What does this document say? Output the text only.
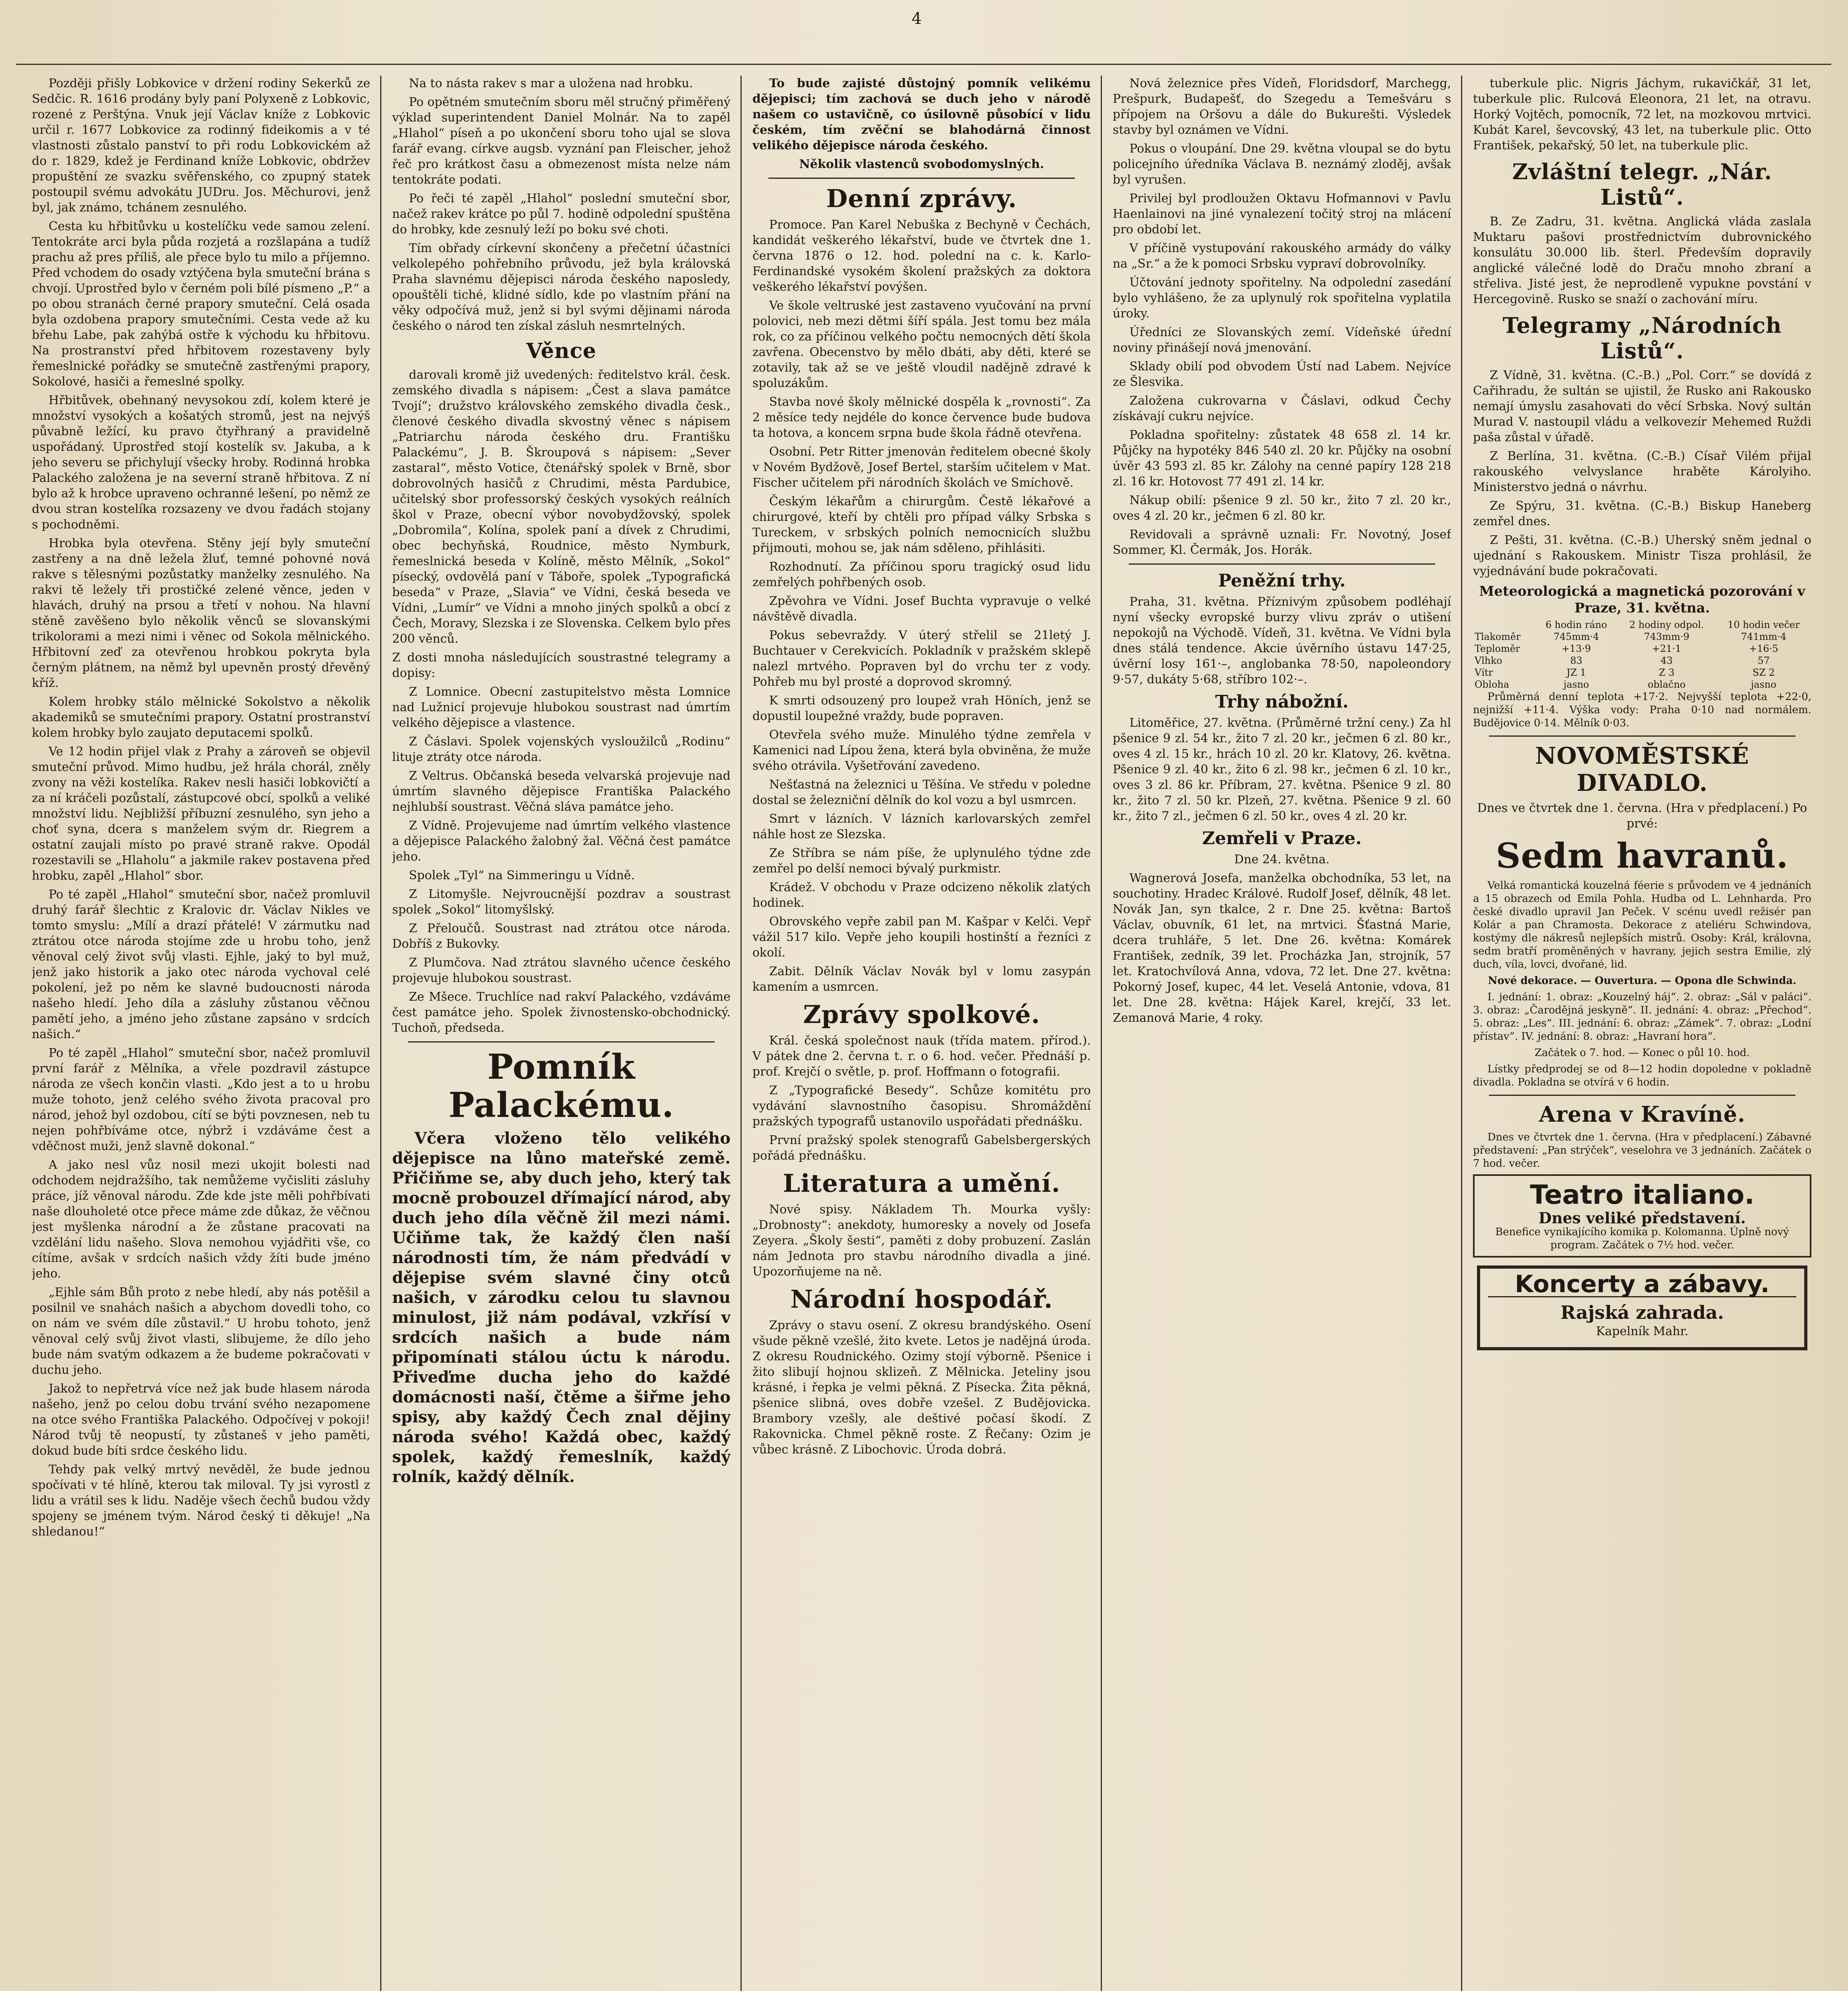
4

Později přišly Lobkovice v držení rodiny Sekerků ze Sedčic. R. 1616 prodány byly paní Polyxeně z Lobkovic, rozené z Perštýna. Vnuk její Václav kníže z Lobkovic určil r. 1677 Lobkovice za rodinný fideikomis a v té vlastnosti zůstalo panství to při rodu Lobkovickém až do r. 1829, kdež je Ferdinand kníže Lobkovic, obdržev propuštění ze svazku svěřenského, co zpupný statek postoupil svému advokátu JUDru. Jos. Měchurovi, jenž byl, jak známo, tchánem zesnulého.

Cesta ku hřbitůvku u kostelíčku vede samou zelení. Tentokráte arci byla půda rozjetá a rozšlapána a tudíž prachu až pres příliš, ale přece bylo tu milo a příjemno. Před vchodem do osady vztýčena byla smuteční brána s chvojí. Uprostřed bylo v černém poli bílé písmeno „P.“ a po obou stranách černé prapory smuteční. Celá osada byla ozdobena prapory smutečními. Cesta vede až ku břehu Labe, pak zahýbá ostře k východu ku hřbitovu. Na prostranství před hřbitovem rozestaveny byly řemeslnické pořádky se smutečně zastřenými prapory, Sokolové, hasiči a řemeslné spolky.

Hřbitůvek, obehnaný nevysokou zdí, kolem které je množství vysokých a košatých stromů, jest na nejvýš půvabně ležící, ku pravo čtyřhraný a pravidelně uspořádaný. Uprostřed stojí kostelík sv. Jakuba, a k jeho severu se přichylují všecky hroby. Rodinná hrobka Palackého založena je na severní straně hřbitova. Z ní bylo až k hrobce upraveno ochranné lešení, po němž ze dvou stran kostelíka rozsazeny ve dvou řadách stojany s pochodněmi.

Hrobka byla otevřena. Stěny její byly smuteční zastřeny a na dně ležela žluť, temné pohovné nová rakve s tělesnými pozůstatky manželky zesnulého. Na rakvi tě ležely tři prostičké zelené věnce, jeden v hlavách, druhý na prsou a třetí v nohou. Na hlavní stěně zavěšeno bylo několik věnců se slovanskými trikolorami a mezi nimi i věnec od Sokola mělnického. Hřbitovní zeď za otevřenou hrobkou pokryta byla černým plátnem, na němž byl upevněn prostý dřevěný kříž.

Kolem hrobky stálo mělnické Sokolstvo a několik akademiků se smutečními prapory. Ostatní prostranství kolem hrobky bylo zaujato deputacemi spolků.

Ve 12 hodin přijel vlak z Prahy a zároveň se objevil smuteční průvod. Mimo hudbu, jež hrála chorál, zněly zvony na věži kostelíka. Rakev nesli hasiči lobkovičtí a za ní kráčeli pozůstalí, zástupcové obcí, spolků a veliké množství lidu. Nejbližší příbuzní zesnulého, syn jeho a choť syna, dcera s manželem svým dr. Riegrem a ostatní zaujali místo po pravé straně rakve. Opodál rozestavili se „Hlaholu“ a jakmile rakev postavena před hrobku, zapěl „Hlahol“ sbor.

Po té zapěl „Hlahol“ smuteční sbor, načež promluvil druhý farář šlechtic z Kralovic dr. Václav Nikles ve tomto smyslu: „Mílí a drazí přátelé! V zármutku nad ztrátou otce národa stojíme zde u hrobu toho, jenž věnoval celý život svůj vlasti. Ejhle, jaký to byl muž, jenž jako historik a jako otec národa vychoval celé pokolení, jež po něm ke slavné budoucnosti národa našeho hledí. Jeho díla a zásluhy zůstanou věčnou pamětí jeho, a jméno jeho zůstane zapsáno v srdcích našich.“

Po té zapěl „Hlahol“ smuteční sbor, načež promluvil první farář z Mělníka, a vřele pozdravil zástupce národa ze všech končin vlasti. „Kdo jest a to u hrobu muže tohoto, jenž celého svého života pracoval pro národ, jehož byl ozdobou, cítí se býti povznesen, neb tu nejen pohřbíváme otce, nýbrž i vzdáváme čest a vděčnost muži, jenž slavně dokonal.“

A jako nesl vůz nosil mezi ukojit bolesti nad odchodem nejdražšího, tak nemůžeme vyčisliti zásluhy práce, jíž věnoval národu. Zde kde jste měli pohřbívati naše dlouholeté otce přece máme zde důkaz, že věčnou jest myšlenka národní a že zůstane pracovati na vzdělání lidu našeho. Slova nemohou vyjádřiti vše, co cítíme, avšak v srdcích našich vždy žíti bude jméno jeho.

„Ejhle sám Bůh proto z nebe hledí, aby nás potěšil a posilnil ve snahách našich a abychom dovedli toho, co on nám ve svém díle zůstavil.“ U hrobu tohoto, jenž věnoval celý svůj život vlasti, slibujeme, že dílo jeho bude nám svatým odkazem a že budeme pokračovati v duchu jeho.

Jakož to nepřetrvá více než jak bude hlasem národa našeho, jenž po celou dobu trvání svého nezapomene na otce svého Františka Palackého. Odpočívej v pokoji! Národ tvůj tě neopustí, ty zůstaneš v jeho paměti, dokud bude bíti srdce českého lidu.

Tehdy pak velký mrtvý nevěděl, že bude jednou spočívati v té hlíně, kterou tak miloval. Ty jsi vyrostl z lidu a vrátil ses k lidu. Naděje všech čechů budou vždy spojeny se jménem tvým. Národ český ti děkuje! „Na shledanou!“

Na to násta rakev s mar a uložena nad hrobku.

Po opětném smutečním sboru měl stručný přiměřený výklad superintendent Daniel Molnár. Na to zapěl „Hlahol“ píseň a po ukončení sboru toho ujal se slova farář evang. církve augsb. vyznání pan Fleischer, jehož řeč pro krátkost času a obmezenost místa nelze nám tentokráte podati.

Po řeči té zapěl „Hlahol“ poslední smuteční sbor, načež rakev krátce po půl 7. hodině odpolední spuštěna do hrobky, kde zesnulý leží po boku své choti.

Tím obřady církevní skončeny a přečetní účastníci velkolepého pohřebního průvodu, jež byla královská Praha slavnému dějepisci národa českého naposledy, opouštěli tiché, klidné sídlo, kde po vlastním přání na věky odpočívá muž, jenž si byl svými dějinami národa českého o národ ten získal zásluh nesmrtelných.

Věnce

darovali kromě již uvedených: ředitelstvo král. česk. zemského divadla s nápisem: „Čest a slava památce Tvojí“; družstvo královského zemského divadla česk., členové českého divadla skvostný věnec s nápisem „Patriarchu národa českého dru. Františku Palackému“, J. B. Škroupová s nápisem: „Sever zastaral“, město Votice, čtenářský spolek v Brně, sbor dobrovolných hasičů z Chrudimi, města Pardubice, učitelský sbor professorský českých vysokých reálních škol v Praze, obecní výbor novobydžovský, spolek „Dobromila“, Kolína, spolek paní a dívek z Chrudimi, obec bechyňská, Roudnice, město Nymburk, řemeslnická beseda v Kolíně, město Mělník, „Sokol“ písecký, ovdovělá paní v Táboře, spolek „Typografická beseda“ v Praze, „Slavia“ ve Vídni, česká beseda ve Vídni, „Lumír“ ve Vídni a mnoho jiných spolků a obcí z Čech, Moravy, Slezska i ze Slovenska. Celkem bylo přes 200 věnců.

Z dosti mnoha následujících soustrastné telegramy a dopisy:

Z Lomnice. Obecní zastupitelstvo města Lomnice nad Lužnicí projevuje hlubokou soustrast nad úmrtím velkého dějepisce a vlastence.

Z Čáslavi. Spolek vojenských vysloužilců „Rodinu“ lituje ztráty otce národa.

Z Veltrus. Občanská beseda velvarská projevuje nad úmrtím slavného dějepisce Františka Palackého nejhlubší soustrast. Věčná sláva památce jeho.

Z Vídně. Projevujeme nad úmrtím velkého vlastence a dějepisce Palackého žalobný žal. Věčná čest památce jeho.

Spolek „Tyl“ na Simmeringu u Vídně.

Z Litomyšle. Nejvroucnější pozdrav a soustrast spolek „Sokol“ litomyšlský.

Z Přeloučů. Soustrast nad ztrátou otce národa. Dobříš z Bukovky.

Z Plumčova. Nad ztrátou slavného učence českého projevuje hlubokou soustrast.

Ze Mšece. Truchlíce nad rakví Palackého, vzdáváme čest památce jeho. Spolek živnostensko-obchodnický. Tuchoň, předseda.

Pomník Palackému.

Včera vloženo tělo velikého dějepisce na lůno mateřské země. Přičiňme se, aby duch jeho, který tak mocně probouzel dřímající národ, aby duch jeho díla věčně žil mezi námi. Učiňme tak, že každý člen naší národnosti tím, že nám předvádí v dějepise svém slavné činy otců našich, v zárodku celou tu slavnou minulost, již nám podával, vzkřísí v srdcích našich a bude nám připomínati stálou úctu k národu. Přiveďme ducha jeho do každé domácnosti naší, čtěme a šiřme jeho spisy, aby každý Čech znal dějiny národa svého! Každá obec, každý spolek, každý řemeslník, každý rolník, každý dělník.

To bude zajisté důstojný pomník velikému dějepisci; tím zachová se duch jeho v národě našem co ustavičně, co úsilovně působící v lidu českém, tím zvěční se blahodárná činnost velikého dějepisce národa českého.

Několik vlastenců svobodomyslných.

Denní zprávy.

Promoce. Pan Karel Nebuška z Bechyně v Čechách, kandidát veškerého lékařství, bude ve čtvrtek dne 1. června 1876 o 12. hod. polední na c. k. Karlo-Ferdinandské vysokém školení pražských za doktora veškerého lékařství povýšen.

Ve škole veltruské jest zastaveno vyučování na první polovici, neb mezi dětmi šíří spála. Jest tomu bez mála rok, co za příčinou velkého počtu nemocných dětí škola zavřena. Obecenstvo by mělo dbáti, aby děti, které se zotavily, tak až se ve ještě vloudil nadějně zdravé k spoluzákům.

Stavba nové školy mělnické dospěla k „rovnosti“. Za 2 měsíce tedy nejdéle do konce července bude budova ta hotova, a koncem srpna bude škola řádně otevřena.

Osobní. Petr Ritter jmenován ředitelem obecné školy v Novém Bydžově, Josef Bertel, starším učitelem v Mat. Fischer učitelem při národních školách ve Smíchově.

Českým lékařům a chirurgům. Čestě lékařové a chirurgové, kteří by chtěli pro případ války Srbska s Tureckem, v srbských polních nemocnicích službu přijmouti, mohou se, jak nám sděleno, přihlásiti.

Rozhodnutí. Za příčinou sporu tragický osud lidu zemřelých pohřbených osob.

Zpěvohra ve Vídni. Josef Buchta vypravuje o velké návštěvě divadla.

Pokus sebevraždy. V úterý střelil se 21letý J. Buchtauer v Cerekvicích. Pokladník v pražském sklepě nalezl mrtvého. Popraven byl do vrchu ter z vody. Pohřeb mu byl prosté a doprovod skromný.

K smrti odsouzený pro loupež vrah Höních, jenž se dopustil loupežné vraždy, bude popraven.

Otevřela svého muže. Minulého týdne zemřela v Kamenici nad Lípou žena, která byla obviněna, že muže svého otrávila. Vyšetřování zavedeno.

Nešťastná na železnici u Těšína. Ve středu v poledne dostal se železniční dělník do kol vozu a byl usmrcen.

Smrt v lázních. V lázních karlovarských zemřel náhle host ze Slezska.

Ze Stříbra se nám píše, že uplynulého týdne zde zemřel po delší nemoci bývalý purkmistr.

Krádež. V obchodu v Praze odcizeno několik zlatých hodinek.

Obrovského vepře zabil pan M. Kašpar v Kelči. Vepř vážil 517 kilo. Vepře jeho koupili hostinští a řezníci z okolí.

Zabit. Dělník Václav Novák byl v lomu zasypán kamením a usmrcen.

Zprávy spolkové.

Král. česká společnost nauk (třída matem. přírod.). V pátek dne 2. června t. r. o 6. hod. večer. Přednáší p. prof. Krejčí o světle, p. prof. Hoffmann o fotografii.

Z „Typografické Besedy“. Schůze komitétu pro vydávání slavnostního časopisu. Shromáždění pražských typografů ustanovilo uspořádati přednášku.

První pražský spolek stenografů Gabelsbergerských pořádá přednášku.

Literatura a umění.

Nové spisy. Nákladem Th. Mourka vyšly: „Drobnosty“: anekdoty, humoresky a novely od Josefa Zeyera. „Školy šesti“, paměti z doby probuzení. Zaslán nám Jednota pro stavbu národního divadla a jiné. Upozorňujeme na ně.

Národní hospodář.

Zprávy o stavu osení. Z okresu brandýského. Osení všude pěkně vzešlé, žito kvete. Letos je nadějná úroda. Z okresu Roudnického. Ozimy stojí výborně. Pšenice i žito slibují hojnou sklizeň. Z Mělnicka. Jeteliny jsou krásné, i řepka je velmi pěkná. Z Písecka. Žita pěkná, pšenice slibná, oves dobře vzešel. Z Budějovicka. Brambory vzešly, ale deštivé počasí škodí. Z Rakovnicka. Chmel pěkně roste. Z Řečany: Ozim je vůbec krásně. Z Libochovic. Úroda dobrá.

Nová železnice přes Vídeň, Floridsdorf, Marchegg, Prešpurk, Budapešť, do Szegedu a Temešváru s přípojem na Oršovu a dále do Bukurešti. Výsledek stavby byl oznámen ve Vídni.

Pokus o vloupání. Dne 29. května vloupal se do bytu policejního úředníka Václava B. neznámý zloděj, avšak byl vyrušen.

Privilej byl prodloužen Oktavu Hofmannovi v Pavlu Haenlainovi na jiné vynalezení točitý stroj na mlácení pro období let.

V příčině vystupování rakouského armády do války na „Sr.“ a že k pomoci Srbsku vypraví dobrovolníky.

Účtování jednoty spořitelny. Na odpolední zasedání bylo vyhlášeno, že za uplynulý rok spořitelna vyplatila úroky.

Úředníci ze Slovanských zemí. Vídeňské úřední noviny přinášejí nová jmenování.

Sklady obilí pod obvodem Ústí nad Labem. Nejvíce ze Šlesvika.

Založena cukrovarna v Čáslavi, odkud Čechy získávají cukru nejvíce.

Pokladna spořitelny: zůstatek 48 658 zl. 14 kr. Půjčky na hypotéky 846 540 zl. 20 kr. Půjčky na osobní úvěr 43 593 zl. 85 kr. Zálohy na cenné papíry 128 218 zl. 16 kr. Hotovost 77 491 zl. 14 kr.

Nákup obilí: pšenice 9 zl. 50 kr., žito 7 zl. 20 kr., oves 4 zl. 20 kr., ječmen 6 zl. 80 kr.

Revidovali a správně uznali: Fr. Novotný, Josef Sommer, Kl. Čermák, Jos. Horák.

Peněžní trhy.

Praha, 31. května. Příznivým způsobem podléhají nyní všecky evropské burzy vlivu zpráv o utišení nepokojů na Východě. Vídeň, 31. května. Ve Vídni byla dnes stálá tendence. Akcie úvěrního ústavu 147·25, úvěrní losy 161·–, anglobanka 78·50, napoleondory 9·57, dukáty 5·68, stříbro 102·–.

Trhy nábožní.

Litoměřice, 27. května. (Průměrné tržní ceny.) Za hl pšenice 9 zl. 54 kr., žito 7 zl. 20 kr., ječmen 6 zl. 80 kr., oves 4 zl. 15 kr., hrách 10 zl. 20 kr. Klatovy, 26. května. Pšenice 9 zl. 40 kr., žito 6 zl. 98 kr., ječmen 6 zl. 10 kr., oves 3 zl. 86 kr. Příbram, 27. května. Pšenice 9 zl. 80 kr., žito 7 zl. 50 kr. Plzeň, 27. května. Pšenice 9 zl. 60 kr., žito 7 zl., ječmen 6 zl. 50 kr., oves 4 zl. 20 kr.

Zemřeli v Praze.

Dne 24. května.

Wagnerová Josefa, manželka obchodníka, 53 let, na souchotiny. Hradec Králové. Rudolf Josef, dělník, 48 let. Novák Jan, syn tkalce, 2 r. Dne 25. května: Bartoš Václav, obuvník, 61 let, na mrtvici. Šťastná Marie, dcera truhláře, 5 let. Dne 26. května: Komárek František, zedník, 39 let. Procházka Jan, strojník, 57 let. Kratochvílová Anna, vdova, 72 let. Dne 27. května: Pokorný Josef, kupec, 44 let. Veselá Antonie, vdova, 81 let. Dne 28. května: Hájek Karel, krejčí, 33 let. Zemanová Marie, 4 roky.

tuberkule plic. Nigris Jáchym, rukavičkář, 31 let, tuberkule plic. Rulcová Eleonora, 21 let, na otravu. Horký Vojtěch, pomocník, 72 let, na mozkovou mrtvici. Kubát Karel, ševcovský, 43 let, na tuberkule plic. Otto František, pekařský, 50 let, na tuberkule plic.

Zvláštní telegr. „Nár. Listů“.

B. Ze Zadru, 31. května. Anglická vláda zaslala Muktaru pašovi prostřednictvím dubrovnického konsulátu 30.000 lib. šterl. Především dopravily anglické válečné lodě do Draču mnoho zbraní a střeliva. Jisté jest, že neprodleně vypukne povstání v Hercegovině. Rusko se snaží o zachování míru.

Telegramy „Národních Listů“.

Z Vídně, 31. května. (C.-B.) „Pol. Corr.“ se dovídá z Cařihradu, že sultán se ujistil, že Rusko ani Rakousko nemají úmyslu zasahovati do věcí Srbska. Nový sultán Murad V. nastoupil vládu a velkovezír Mehemed Ruždi paša zůstal v úřadě.

Z Berlína, 31. května. (C.-B.) Císař Vilém přijal rakouského velvyslance hraběte Károlyiho. Ministerstvo jedná o návrhu.

Ze Spýru, 31. května. (C.-B.) Biskup Haneberg zemřel dnes.

Z Pešti, 31. května. (C.-B.) Uherský sněm jednal o ujednání s Rakouskem. Ministr Tisza prohlásil, že vyjednávání bude pokračovati.

Meteorologická a magnetická pozorování v Praze, 31. května.
	6 hodin ráno	2 hodiny odpol.	10 hodin večer
Tlakoměr	745mm·4	743mm·9	741mm·4
Teploměr	+13·9	+21·1	+16·5
Vlhko	83	43	57
Vítr	JZ 1	Z 3	SZ 2
Obloha	jasno	oblačno	jasno

Průměrná denní teplota +17·2. Nejvyšší teplota +22·0, nejnižší +11·4. Výška vody: Praha 0·10 nad normálem. Budějovice 0·14. Mělník 0·03.

NOVOMĚSTSKÉ DIVADLO.

Dnes ve čtvrtek dne 1. června. (Hra v předplacení.) Po prvé:

Sedm havranů.

Velká romantická kouzelná féerie s průvodem ve 4 jednáních a 15 obrazech od Emila Pohla. Hudba od L. Lehnharda. Pro české divadlo upravil Jan Peček. V scénu uvedl režisér pan Kolár a pan Chramosta. Dekorace z ateliéru Schwindova, kostýmy dle nákresů nejlepších mistrů. Osoby: Král, královna, sedm bratří proměněných v havrany, jejich sestra Emilie, zlý duch, víla, lovci, dvořané, lid.

Nové dekorace. — Ouvertura. — Opona dle Schwinda.

I. jednání: 1. obraz: „Kouzelný háj“. 2. obraz: „Sál v paláci“. 3. obraz: „Čarodějná jeskyně“. II. jednání: 4. obraz: „Přechod“. 5. obraz: „Les“. III. jednání: 6. obraz: „Zámek“. 7. obraz: „Lodní přístav“. IV. jednání: 8. obraz: „Havraní hora“.

Začátek o 7. hod. — Konec o půl 10. hod.

Lístky předprodej se od 8—12 hodin dopoledne v pokladně divadla. Pokladna se otvírá v 6 hodin.

Arena v Kravíně.

Dnes ve čtvrtek dne 1. června. (Hra v předplacení.) Zábavné představení: „Pan strýček“, veselohra ve 3 jednáních. Začátek o 7 hod. večer.

Teatro italiano.
Dnes veliké představení.
Benefice vynikajícího komika p. Kolomanna. Úplně nový program. Začátek o 7½ hod. večer.
Koncerty a zábavy.
Rajská zahrada.
Kapelník Mahr.
